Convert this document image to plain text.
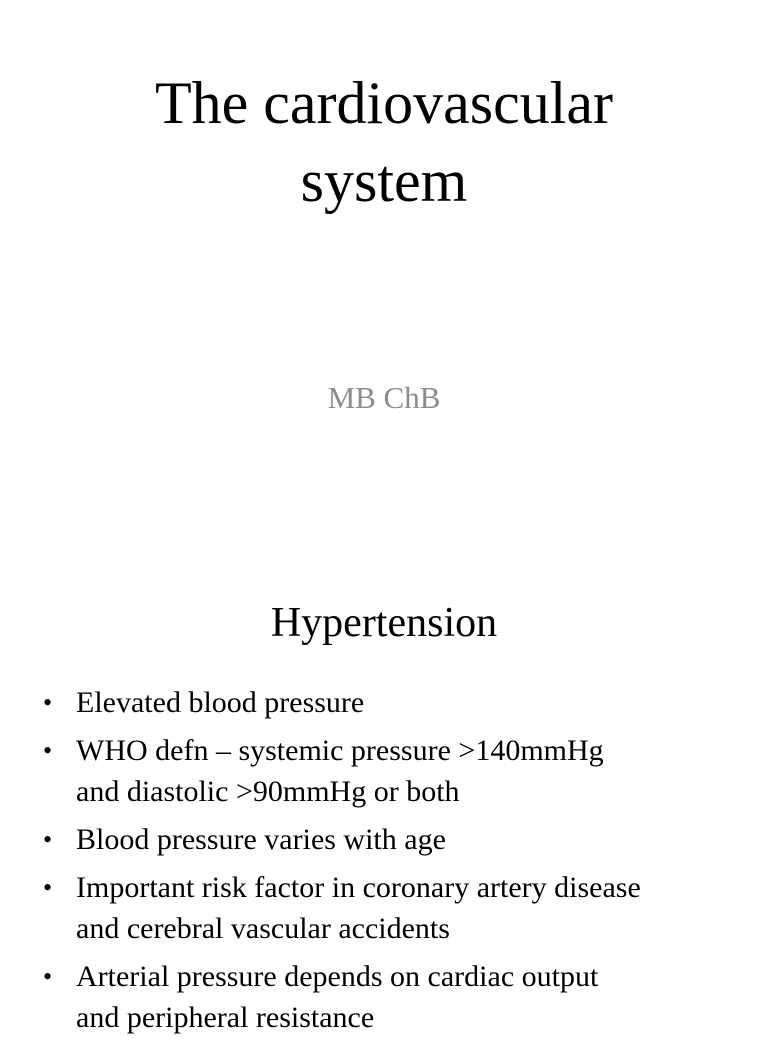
The cardiovascular
system

MB ChB

Hypertension
• Elevated blood pressure
• WHO defn – systemic pressure >140mmHg
and diastolic >90mmHg or both
• Blood pressure varies with age
• Important risk factor in coronary artery disease
and cerebral vascular accidents
• Arterial pressure depends on cardiac output
and peripheral resistance
